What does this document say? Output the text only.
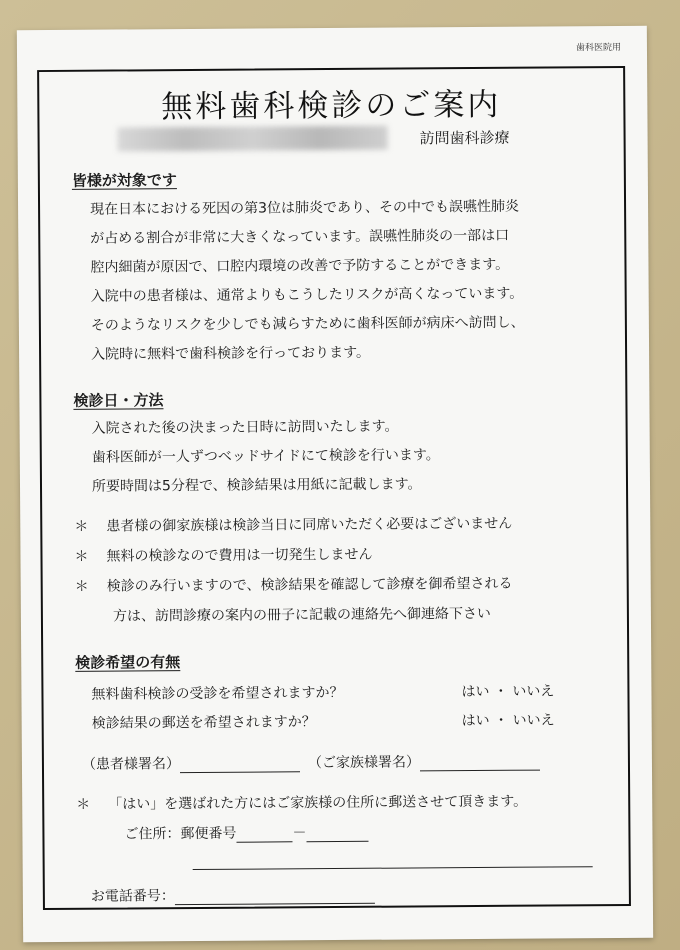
歯科医院用
無料歯科検診のご案内
訪問歯科診療
皆様が対象です
現在日本における死因の第3位は肺炎であり、その中でも誤嚥性肺炎
が占める割合が非常に大きくなっています。誤嚥性肺炎の一部は口
腔内細菌が原因で、口腔内環境の改善で予防することができます。
入院中の患者様は、通常よりもこうしたリスクが高くなっています。
そのようなリスクを少しでも減らすために歯科医師が病床へ訪問し、
入院時に無料で歯科検診を行っております。
検診日・方法
入院された後の決まった日時に訪問いたします。
歯科医師が一人ずつベッドサイドにて検診を行います。
所要時間は5分程で、検診結果は用紙に記載します。
＊ 患者様の御家族様は検診当日に同席いただく必要はございません
＊ 無料の検診なので費用は一切発生しません
＊ 検診のみ行いますので、検診結果を確認して診療を御希望される
方は、訪問診療の案内の冊子に記載の連絡先へ御連絡下さい
検診希望の有無
無料歯科検診の受診を希望されますか？	はい ・ いいえ
検診結果の郵送を希望されますか？	はい ・ いいえ
（患者様署名）	（ご家族様署名）
＊ 「はい」を選ばれた方にはご家族様の住所に郵送させて頂きます。
ご住所：郵便番号	－
お電話番号：
